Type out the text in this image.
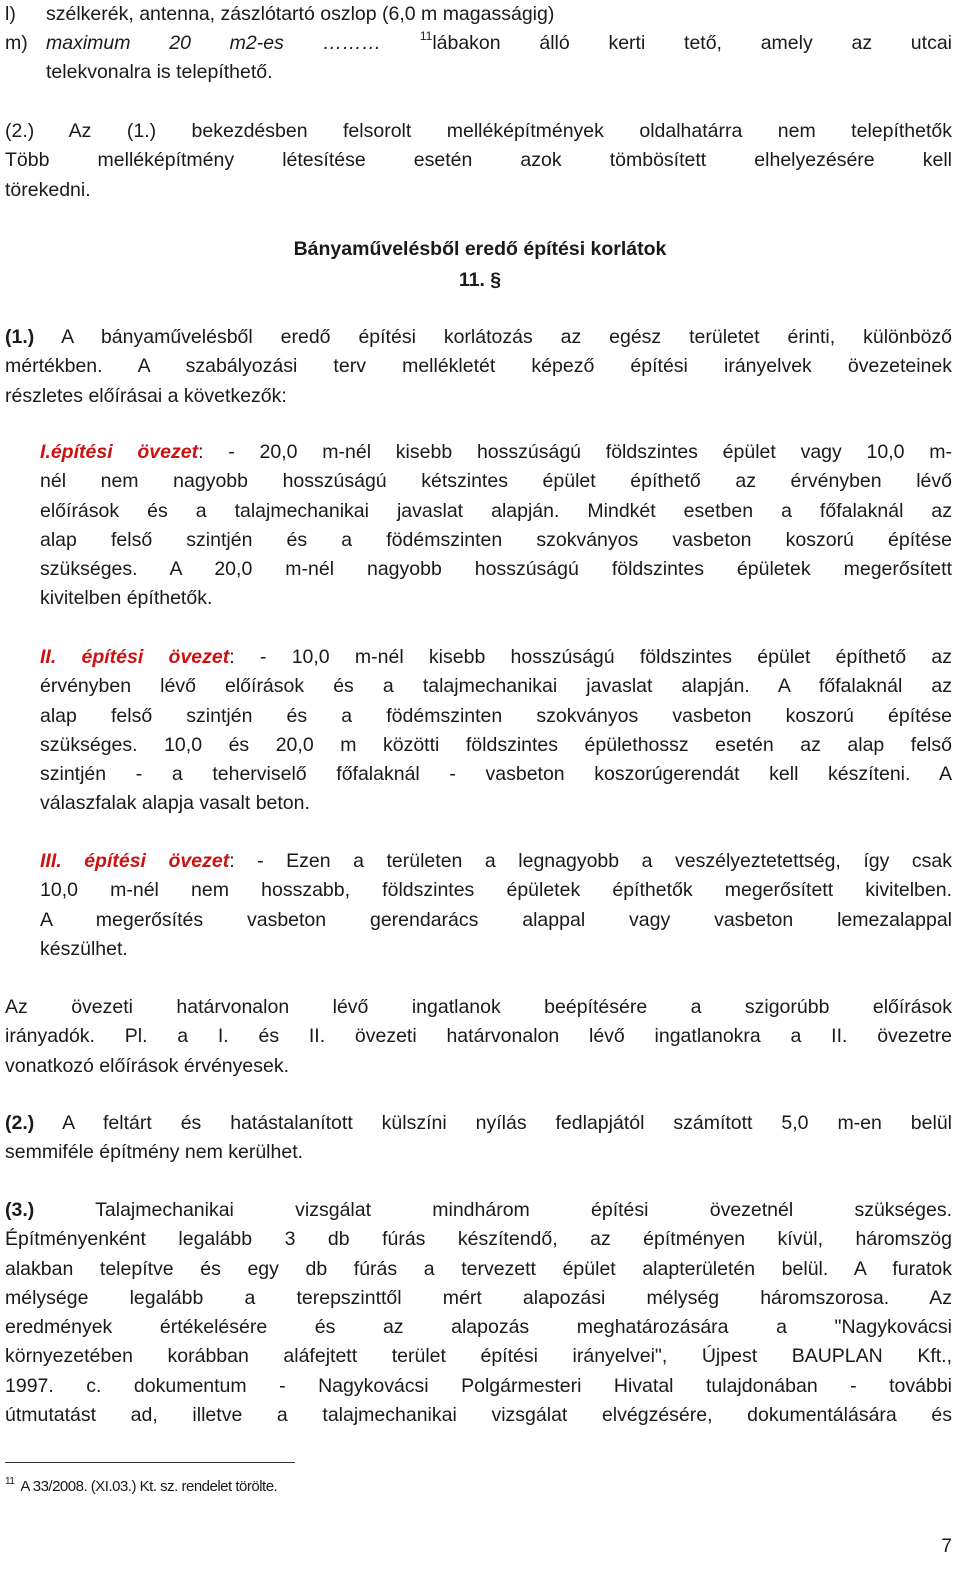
l)	szélkerék, antenna, zászlótartó oszlop (6,0 m magasságig)
m) maximum 20 m2-es ………	$^{11}$lábakon álló kerti tető, amely az utcai

telekvonalra is telepíthető.

(2.) Az (1.) bekezdésben felsorolt melléképítmények oldalhatárra nem telepíthetők

Több melléképítmény létesítése esetén azok tömbösített elhelyezésére kell

törekedni.

Bányaművelésből eredő építési korlátok
11. §

(1.) A bányaművelésből eredő építési korlátozás az egész területet érinti, különböző

mértékben. A szabályozási terv mellékletét képező építési irányelvek övezeteinek

részletes előírásai a következők:

I.építési övezet: - 20,0 m-nél kisebb hosszúságú földszintes épület vagy 10,0 m-

nél nem nagyobb hosszúságú kétszintes épület építhető az érvényben lévő

előírások és a talajmechanikai javaslat alapján. Mindkét esetben a főfalaknál az

alap felső szintjén és a födémszinten szokványos vasbeton koszorú építése

szükséges. A 20,0 m-nél nagyobb hosszúságú földszintes épületek megerősített

kivitelben építhetők.

II. építési övezet: - 10,0 m-nél kisebb hosszúságú földszintes épület építhető az

érvényben lévő előírások és a talajmechanikai javaslat alapján. A főfalaknál az

alap felső szintjén és a födémszinten szokványos vasbeton koszorú építése

szükséges. 10,0 és 20,0 m közötti földszintes épülethossz esetén az alap felső

szintjén - a teherviselő főfalaknál - vasbeton koszorúgerendát kell készíteni. A

válaszfalak alapja vasalt beton.

III. építési övezet: - Ezen a területen a legnagyobb a veszélyeztetettség, így csak

10,0 m-nél nem hosszabb, földszintes épületek építhetők megerősített kivitelben.

A megerősítés vasbeton gerendarács alappal vagy vasbeton lemezalappal

készülhet.

Az övezeti határvonalon lévő ingatlanok beépítésére a szigorúbb előírások

irányadók. Pl. a I. és II. övezeti határvonalon lévő ingatlanokra a II. övezetre

vonatkozó előírások érvényesek.

(2.) A feltárt és hatástalanított külszíni nyílás fedlapjától számított 5,0 m-en belül

semmiféle építmény nem kerülhet.

(3.)	Talajmechanikai vizsgálat mindhárom építési övezetnél szükséges.

Építményenként legalább 3 db fúrás készítendő, az építményen kívül, háromszög

alakban telepítve és egy db fúrás a tervezett épület alapterületén belül. A furatok

mélysége legalább a terepszinttől mért alapozási mélység háromszorosa. Az

eredmények értékelésére és az alapozás meghatározására a "Nagykovácsi

környezetében korábban aláfejtett terület építési irányelvei", Újpest BAUPLAN Kft.,

1997. c. dokumentum - Nagykovácsi Polgármesteri Hivatal tulajdonában - további

útmutatást ad, illetve a talajmechanikai vizsgálat elvégzésére, dokumentálására és

$^{11}$ A 33/2008. (XI.03.) Kt. sz. rendelet törölte.
7
